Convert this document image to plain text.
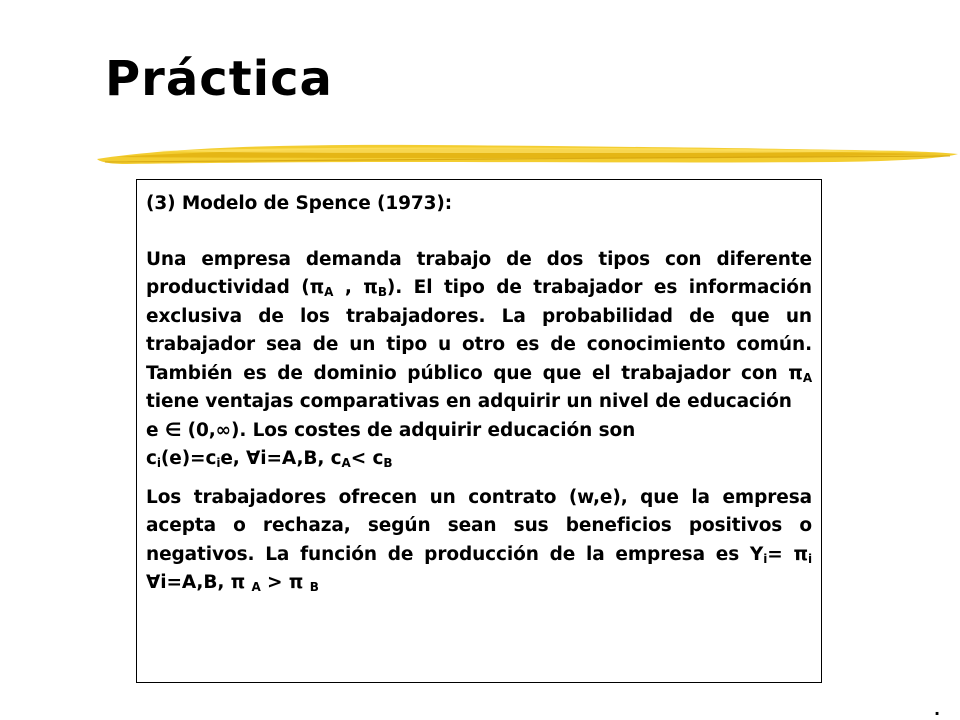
Práctica

(3) Modelo de Spence (1973):

Una empresa demanda trabajo de dos tipos con diferente productividad ($\pi_A$ , $\pi_B$). El tipo de trabajador es información exclusiva de los trabajadores. La probabilidad de que un trabajador sea de un tipo u otro es de conocimiento común. También es de dominio público que que el trabajador con $\pi_A$ tiene ventajas comparativas en adquirir un nivel de educación
e ∈ (0,∞). Los costes de adquirir educación son
$c_i(e)=c_ie$, ∀i=A,B, $c_A< c_B$

Los trabajadores ofrecen un contrato (w,e), que la empresa acepta o rechaza, según sean sus beneficios positivos o negativos. La función de producción de la empresa es $Y_i= \pi_i$ ∀i=A,B, π $_A$ > π $_B$

.
